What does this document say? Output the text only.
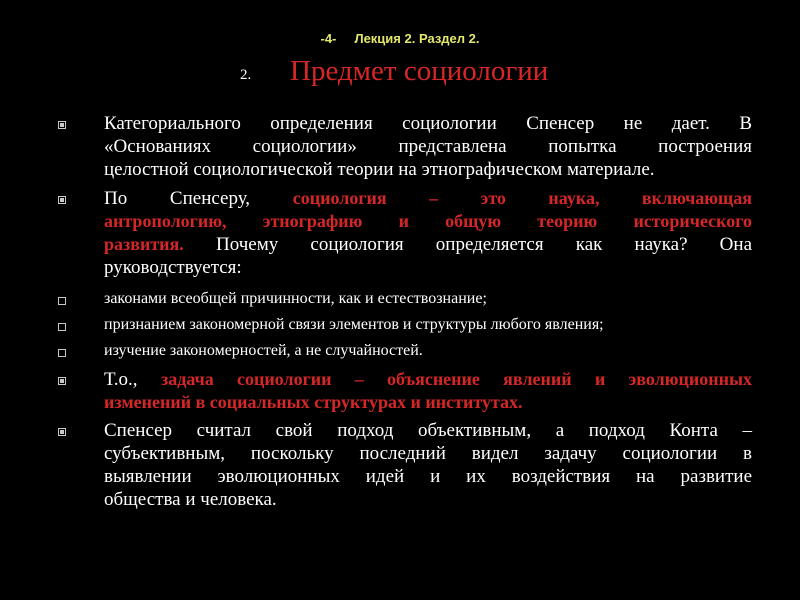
-4-     Лекция 2. Раздел 2.
2. Предмет социологии
Категориального определения социологии Спенсер не дает. В
«Основаниях социологии» представлена попытка построения
целостной социологической теории на этнографическом материале.
По Спенсеру, социология – это наука, включающая
антропологию, этнографию и общую теорию исторического
развития. Почему социология определяется как наука? Она
руководствуется:
законами всеобщей причинности, как и естествознание;
признанием закономерной связи элементов и структуры любого явления;
изучение закономерностей, а не случайностей.
Т.о., задача социологии – объяснение явлений и эволюционных
изменений в социальных структурах и институтах.
Спенсер считал свой подход объективным, а подход Конта –
субъективным, поскольку последний видел задачу социологии в
выявлении эволюционных идей и их воздействия на развитие
общества и человека.
